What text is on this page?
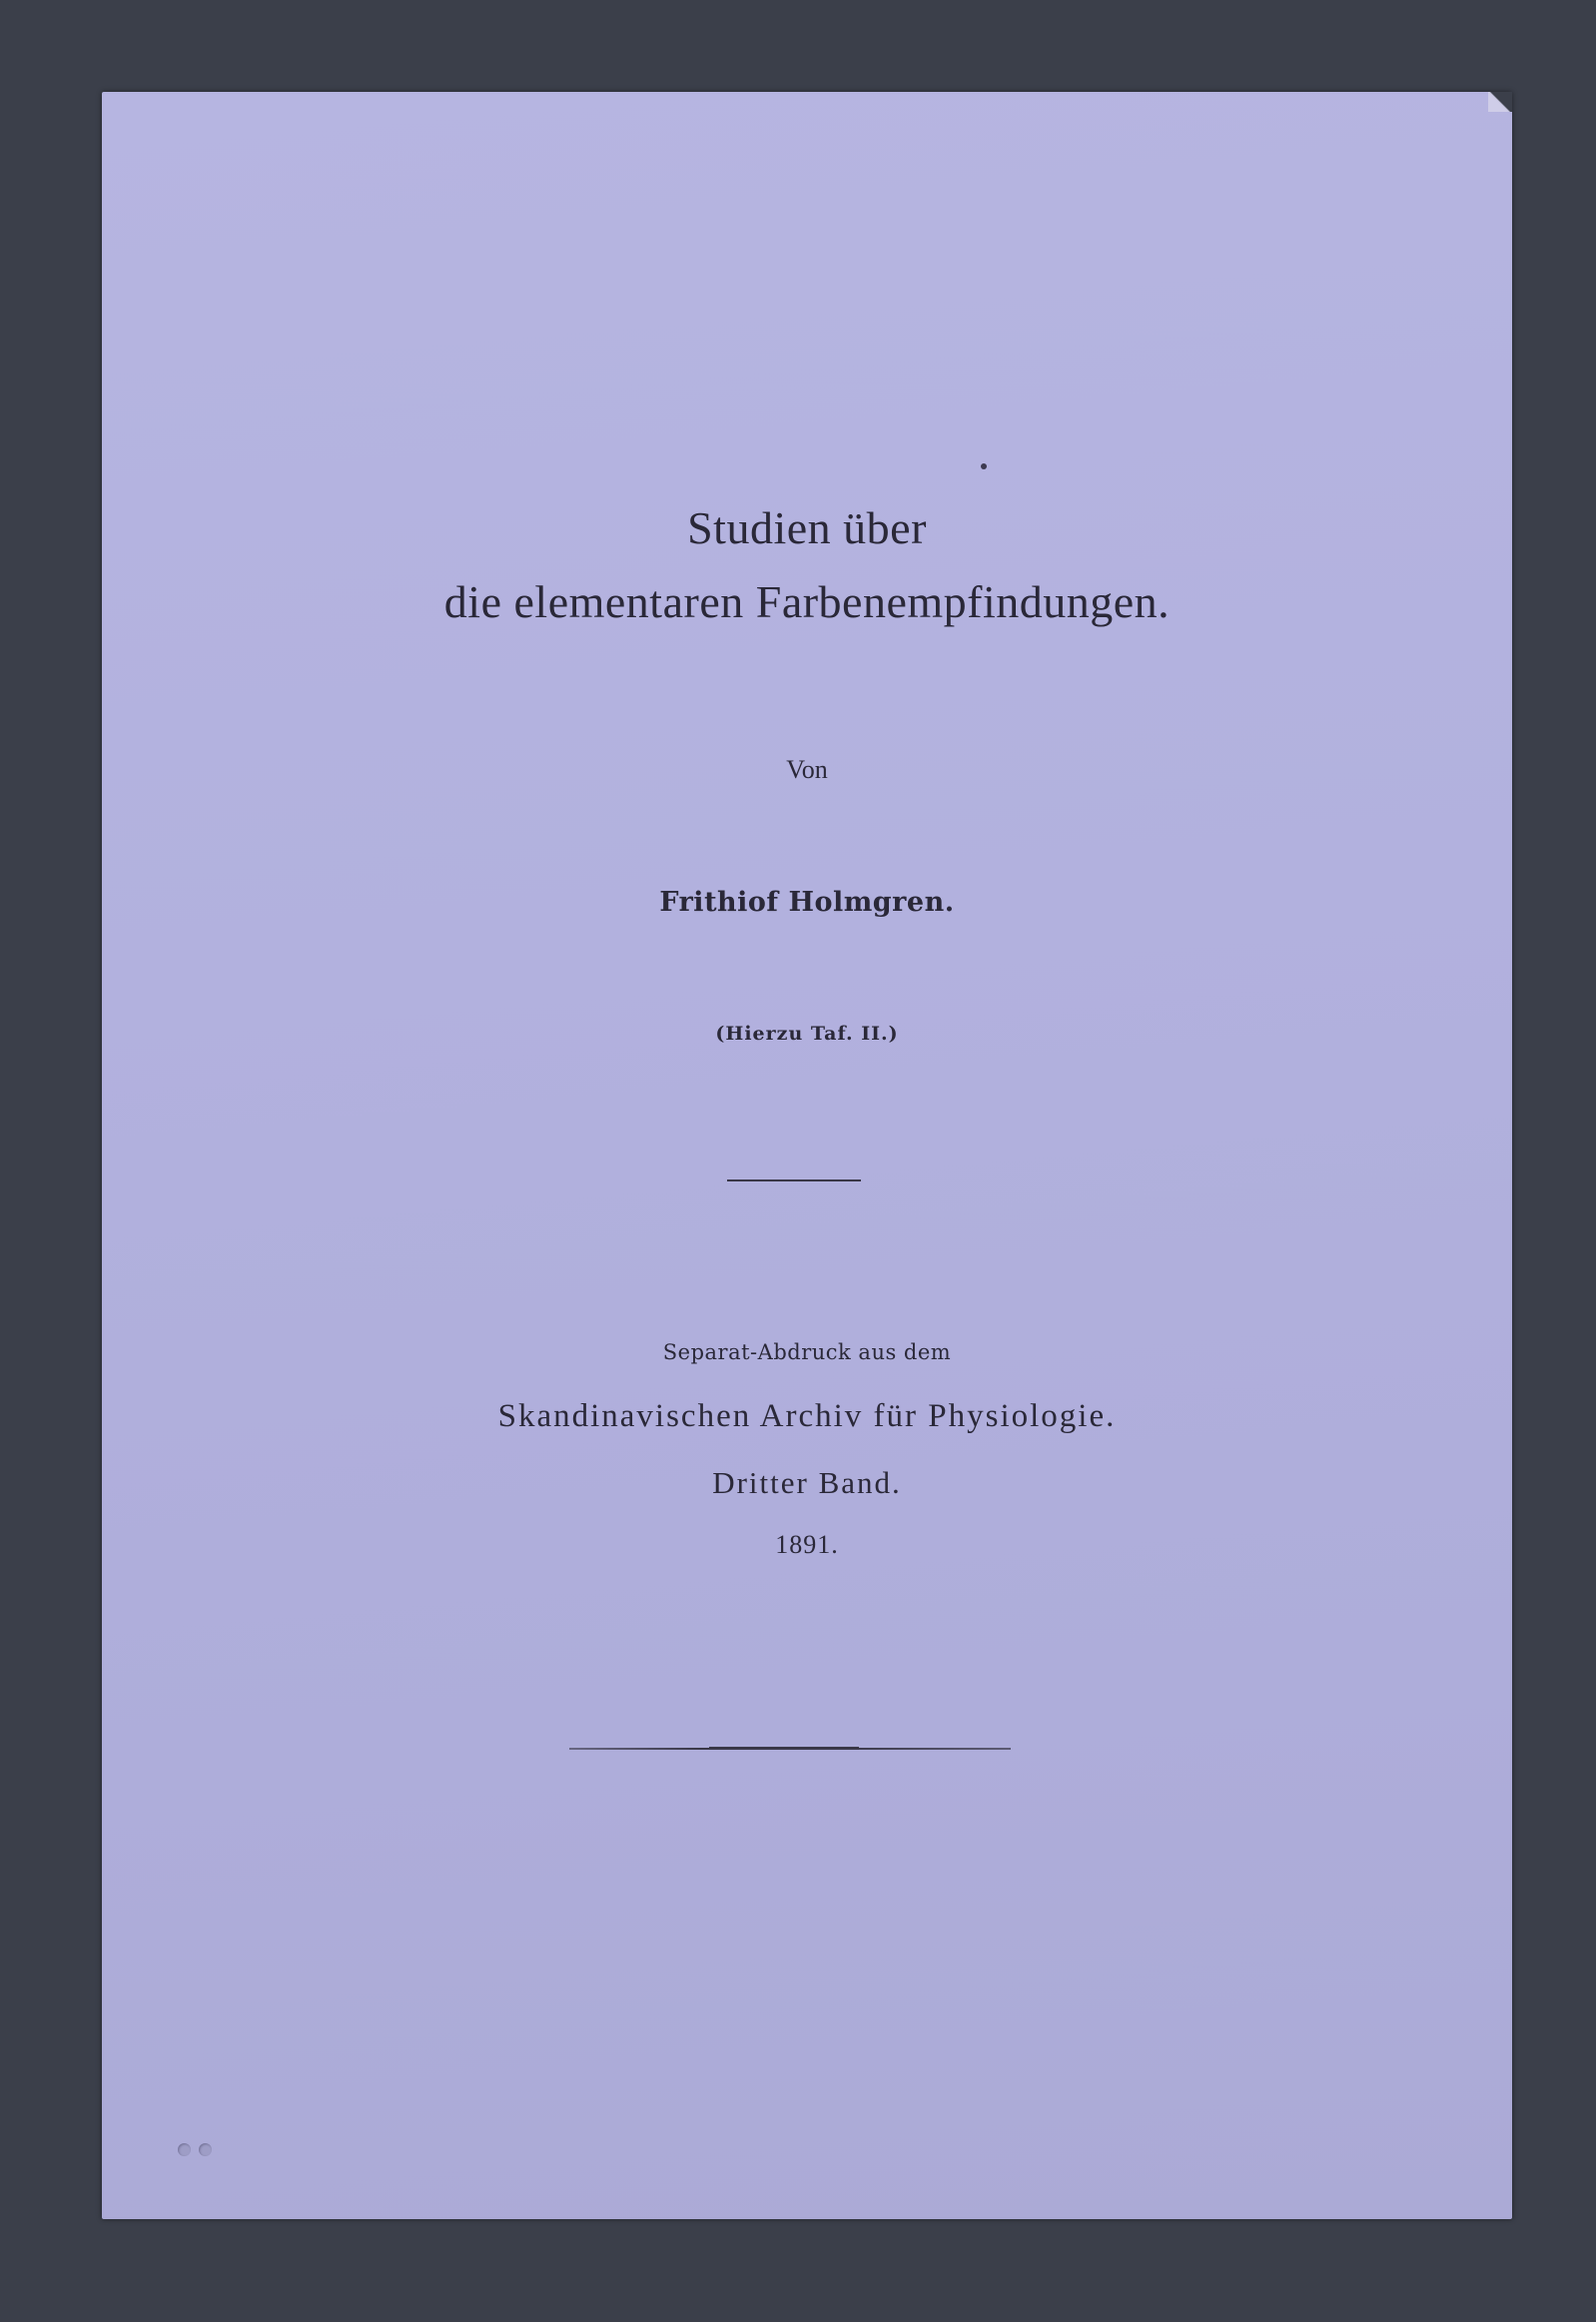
Studien über
die elementaren Farbenempfindungen.
Von
Frithiof Holmgren.
(Hierzu Taf. II.)
Separat-Abdruck aus dem
Skandinavischen Archiv für Physiologie.
Dritter Band.
1891.
